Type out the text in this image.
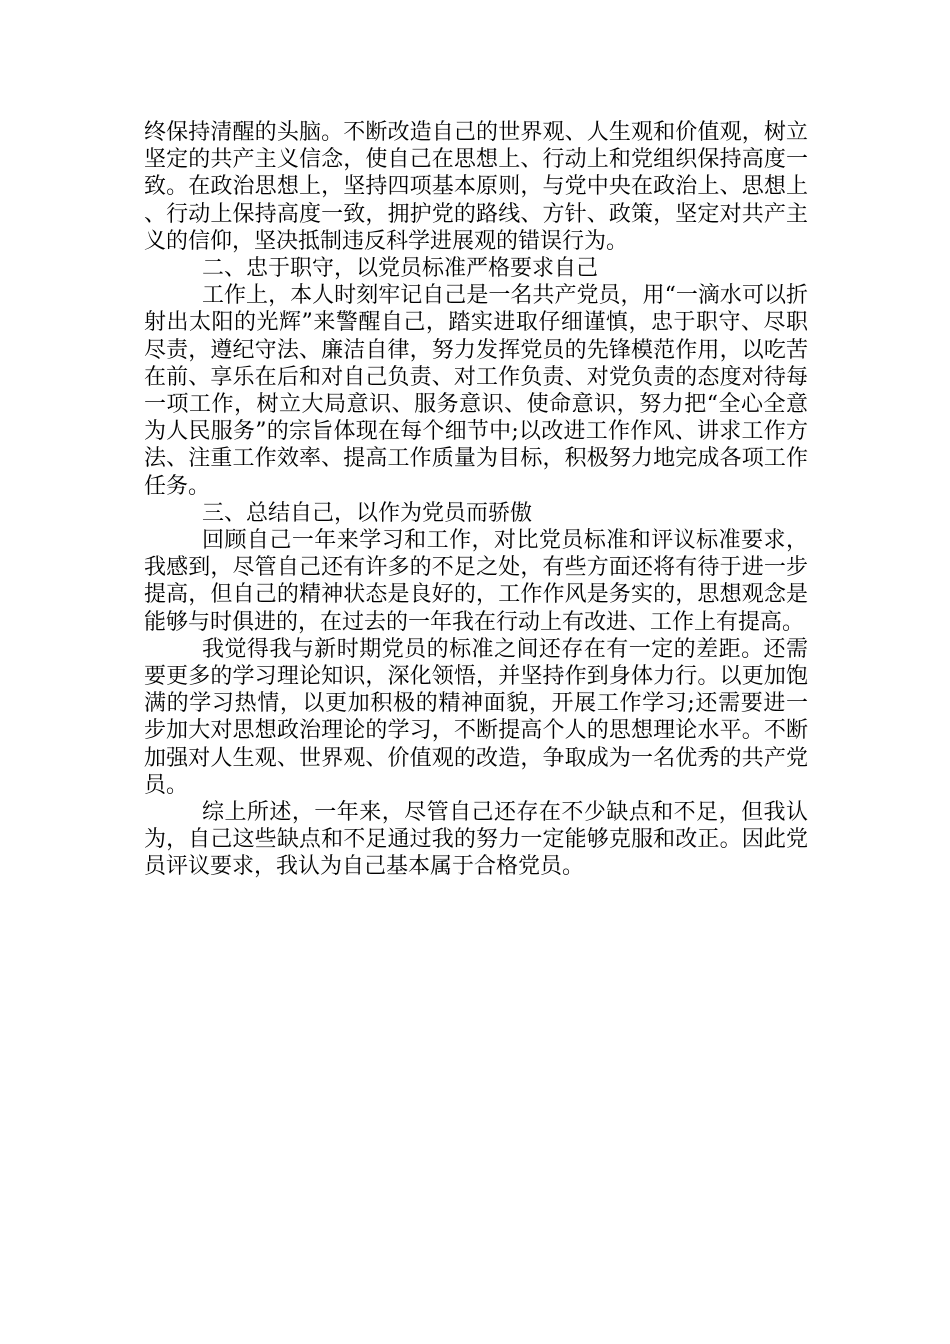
终保持清醒的头脑。不断改造自己的世界观、人生观和价值观，树立坚定的共产主义信念，使自己在思想上、行动上和党组织保持高度一致。在政治思想上，坚持四项基本原则，与党中央在政治上、思想上、行动上保持高度一致，拥护党的路线、方针、政策，坚定对共产主义的信仰，坚决抵制违反科学进展观的错误行为。

二、忠于职守，以党员标准严格要求自己

工作上，本人时刻牢记自己是一名共产党员，用“一滴水可以折射出太阳的光辉”来警醒自己，踏实进取仔细谨慎，忠于职守、尽职尽责，遵纪守法、廉洁自律，努力发挥党员的先锋模范作用，以吃苦在前、享乐在后和对自己负责、对工作负责、对党负责的态度对待每一项工作，树立大局意识、服务意识、使命意识，努力把“全心全意为人民服务”的宗旨体现在每个细节中;以改进工作作风、讲求工作方法、注重工作效率、提高工作质量为目标，积极努力地完成各项工作任务。

三、总结自己，以作为党员而骄傲

回顾自己一年来学习和工作，对比党员标准和评议标准要求，我感到，尽管自己还有许多的不足之处，有些方面还将有待于进一步提高，但自己的精神状态是良好的，工作作风是务实的，思想观念是能够与时俱进的，在过去的一年我在行动上有改进、工作上有提高。

我觉得我与新时期党员的标准之间还存在有一定的差距。还需要更多的学习理论知识，深化领悟，并坚持作到身体力行。以更加饱满的学习热情，以更加积极的精神面貌，开展工作学习;还需要进一步加大对思想政治理论的学习，不断提高个人的思想理论水平。不断加强对人生观、世界观、价值观的改造，争取成为一名优秀的共产党员。

综上所述，一年来，尽管自己还存在不少缺点和不足，但我认为，自己这些缺点和不足通过我的努力一定能够克服和改正。因此党员评议要求，我认为自己基本属于合格党员。
